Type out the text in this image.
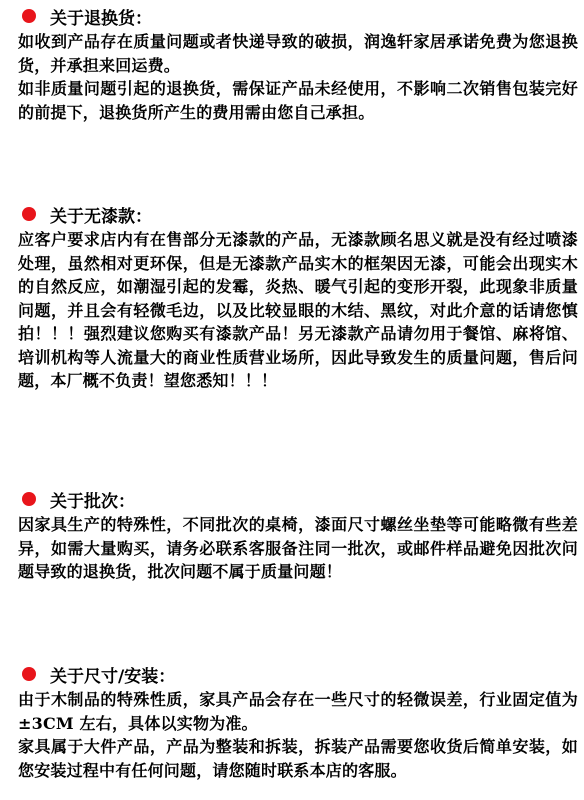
关于退换货：
如收到产品存在质量问题或者快递导致的破损，润逸轩家居承诺免费为您退换货，并承担来回运费。
如非质量问题引起的退换货，需保证产品未经使用，不影响二次销售包装完好的前提下，退换货所产生的费用需由您自己承担。
关于无漆款：
应客户要求店内有在售部分无漆款的产品，无漆款顾名思义就是没有经过喷漆处理，虽然相对更环保，但是无漆款产品实木的框架因无漆，可能会出现实木的自然反应，如潮湿引起的发霉，炎热、暖气引起的变形开裂，此现象非质量问题，并且会有轻微毛边，以及比较显眼的木结、黑纹，对此介意的话请您慎拍！！！强烈建议您购买有漆款产品！另无漆款产品请勿用于餐馆、麻将馆、培训机构等人流量大的商业性质营业场所，因此导致发生的质量问题，售后问题，本厂概不负责！望您悉知！！！
关于批次：
因家具生产的特殊性，不同批次的桌椅，漆面尺寸螺丝坐垫等可能略微有些差异，如需大量购买，请务必联系客服备注同一批次，或邮件样品避免因批次问题导致的退换货，批次问题不属于质量问题！
关于尺寸/安装：
由于木制品的特殊性质，家具产品会存在一些尺寸的轻微误差，行业固定值为±3CM 左右，具体以实物为准。
家具属于大件产品，产品为整装和拆装，拆装产品需要您收货后简单安装，如您安装过程中有任何问题，请您随时联系本店的客服。
